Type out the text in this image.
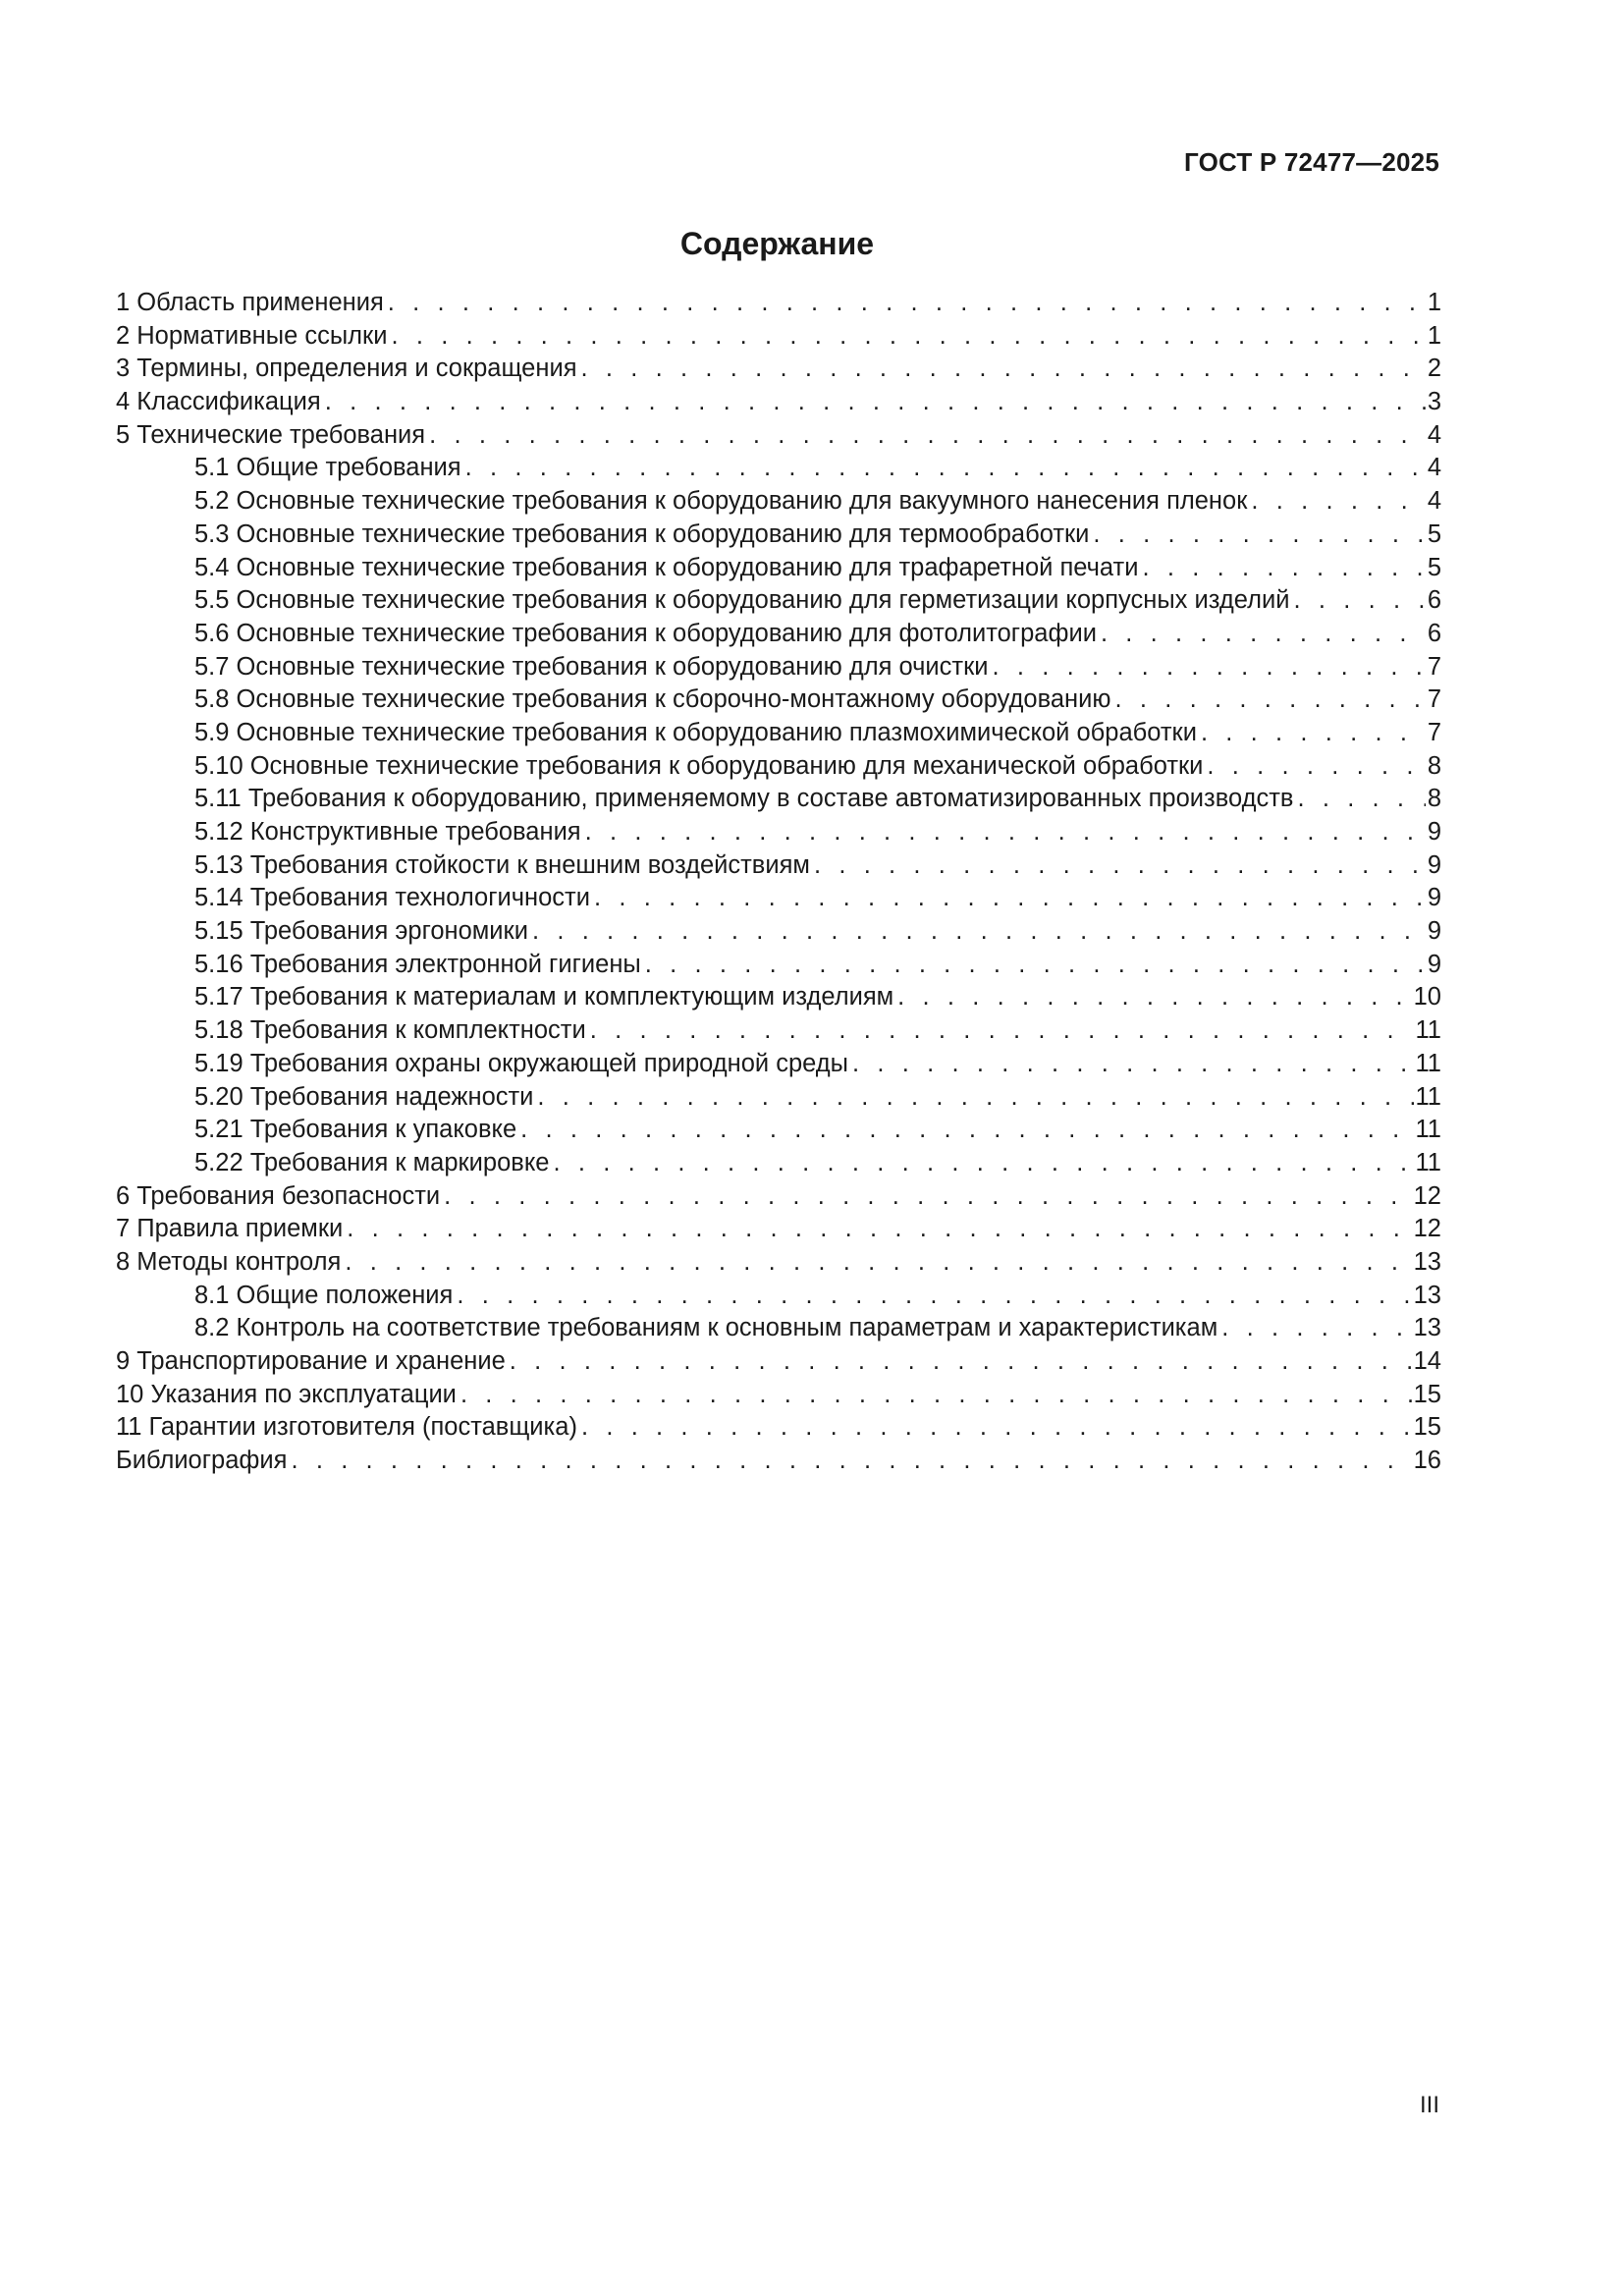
ГОСТ Р 72477—2025
Содержание
1 Область применения . . .	1
2 Нормативные ссылки . . .	1
3 Термины, определения и сокращения . . .	2
4 Классификация . . .	3
5 Технические требования . . .	4
5.1 Общие требования . . .	4
5.2 Основные технические требования к оборудованию для вакуумного нанесения пленок . . .	4
5.3 Основные технические требования к оборудованию для термообработки . . .	5
5.4 Основные технические требования к оборудованию для трафаретной печати . . .	5
5.5 Основные технические требования к оборудованию для герметизации корпусных изделий . . .	6
5.6 Основные технические требования к оборудованию для фотолитографии . . .	6
5.7 Основные технические требования к оборудованию для очистки . . .	7
5.8 Основные технические требования к сборочно-монтажному оборудованию . . .	7
5.9 Основные технические требования к оборудованию плазмохимической обработки . . .	7
5.10 Основные технические требования к оборудованию для механической обработки . . .	8
5.11 Требования к оборудованию, применяемому в составе автоматизированных производств . . .	8
5.12 Конструктивные требования . . .	9
5.13 Требования стойкости к внешним воздействиям . . .	9
5.14 Требования технологичности . . .	9
5.15 Требования эргономики . . .	9
5.16 Требования электронной гигиены . . .	9
5.17 Требования к материалам и комплектующим изделиям . . .	10
5.18 Требования к комплектности . . .	11
5.19 Требования охраны окружающей природной среды . . .	11
5.20 Требования надежности . . .	11
5.21 Требования к упаковке . . .	11
5.22 Требования к маркировке . . .	11
6 Требования безопасности . . .	12
7 Правила приемки . . .	12
8 Методы контроля . . .	13
8.1 Общие положения . . .	13
8.2 Контроль на соответствие требованиям к основным параметрам и характеристикам . . .	13
9 Транспортирование и хранение . . .	14
10 Указания по эксплуатации . . .	15
11 Гарантии изготовителя (поставщика) . . .	15
Библиография . . .	16
III
